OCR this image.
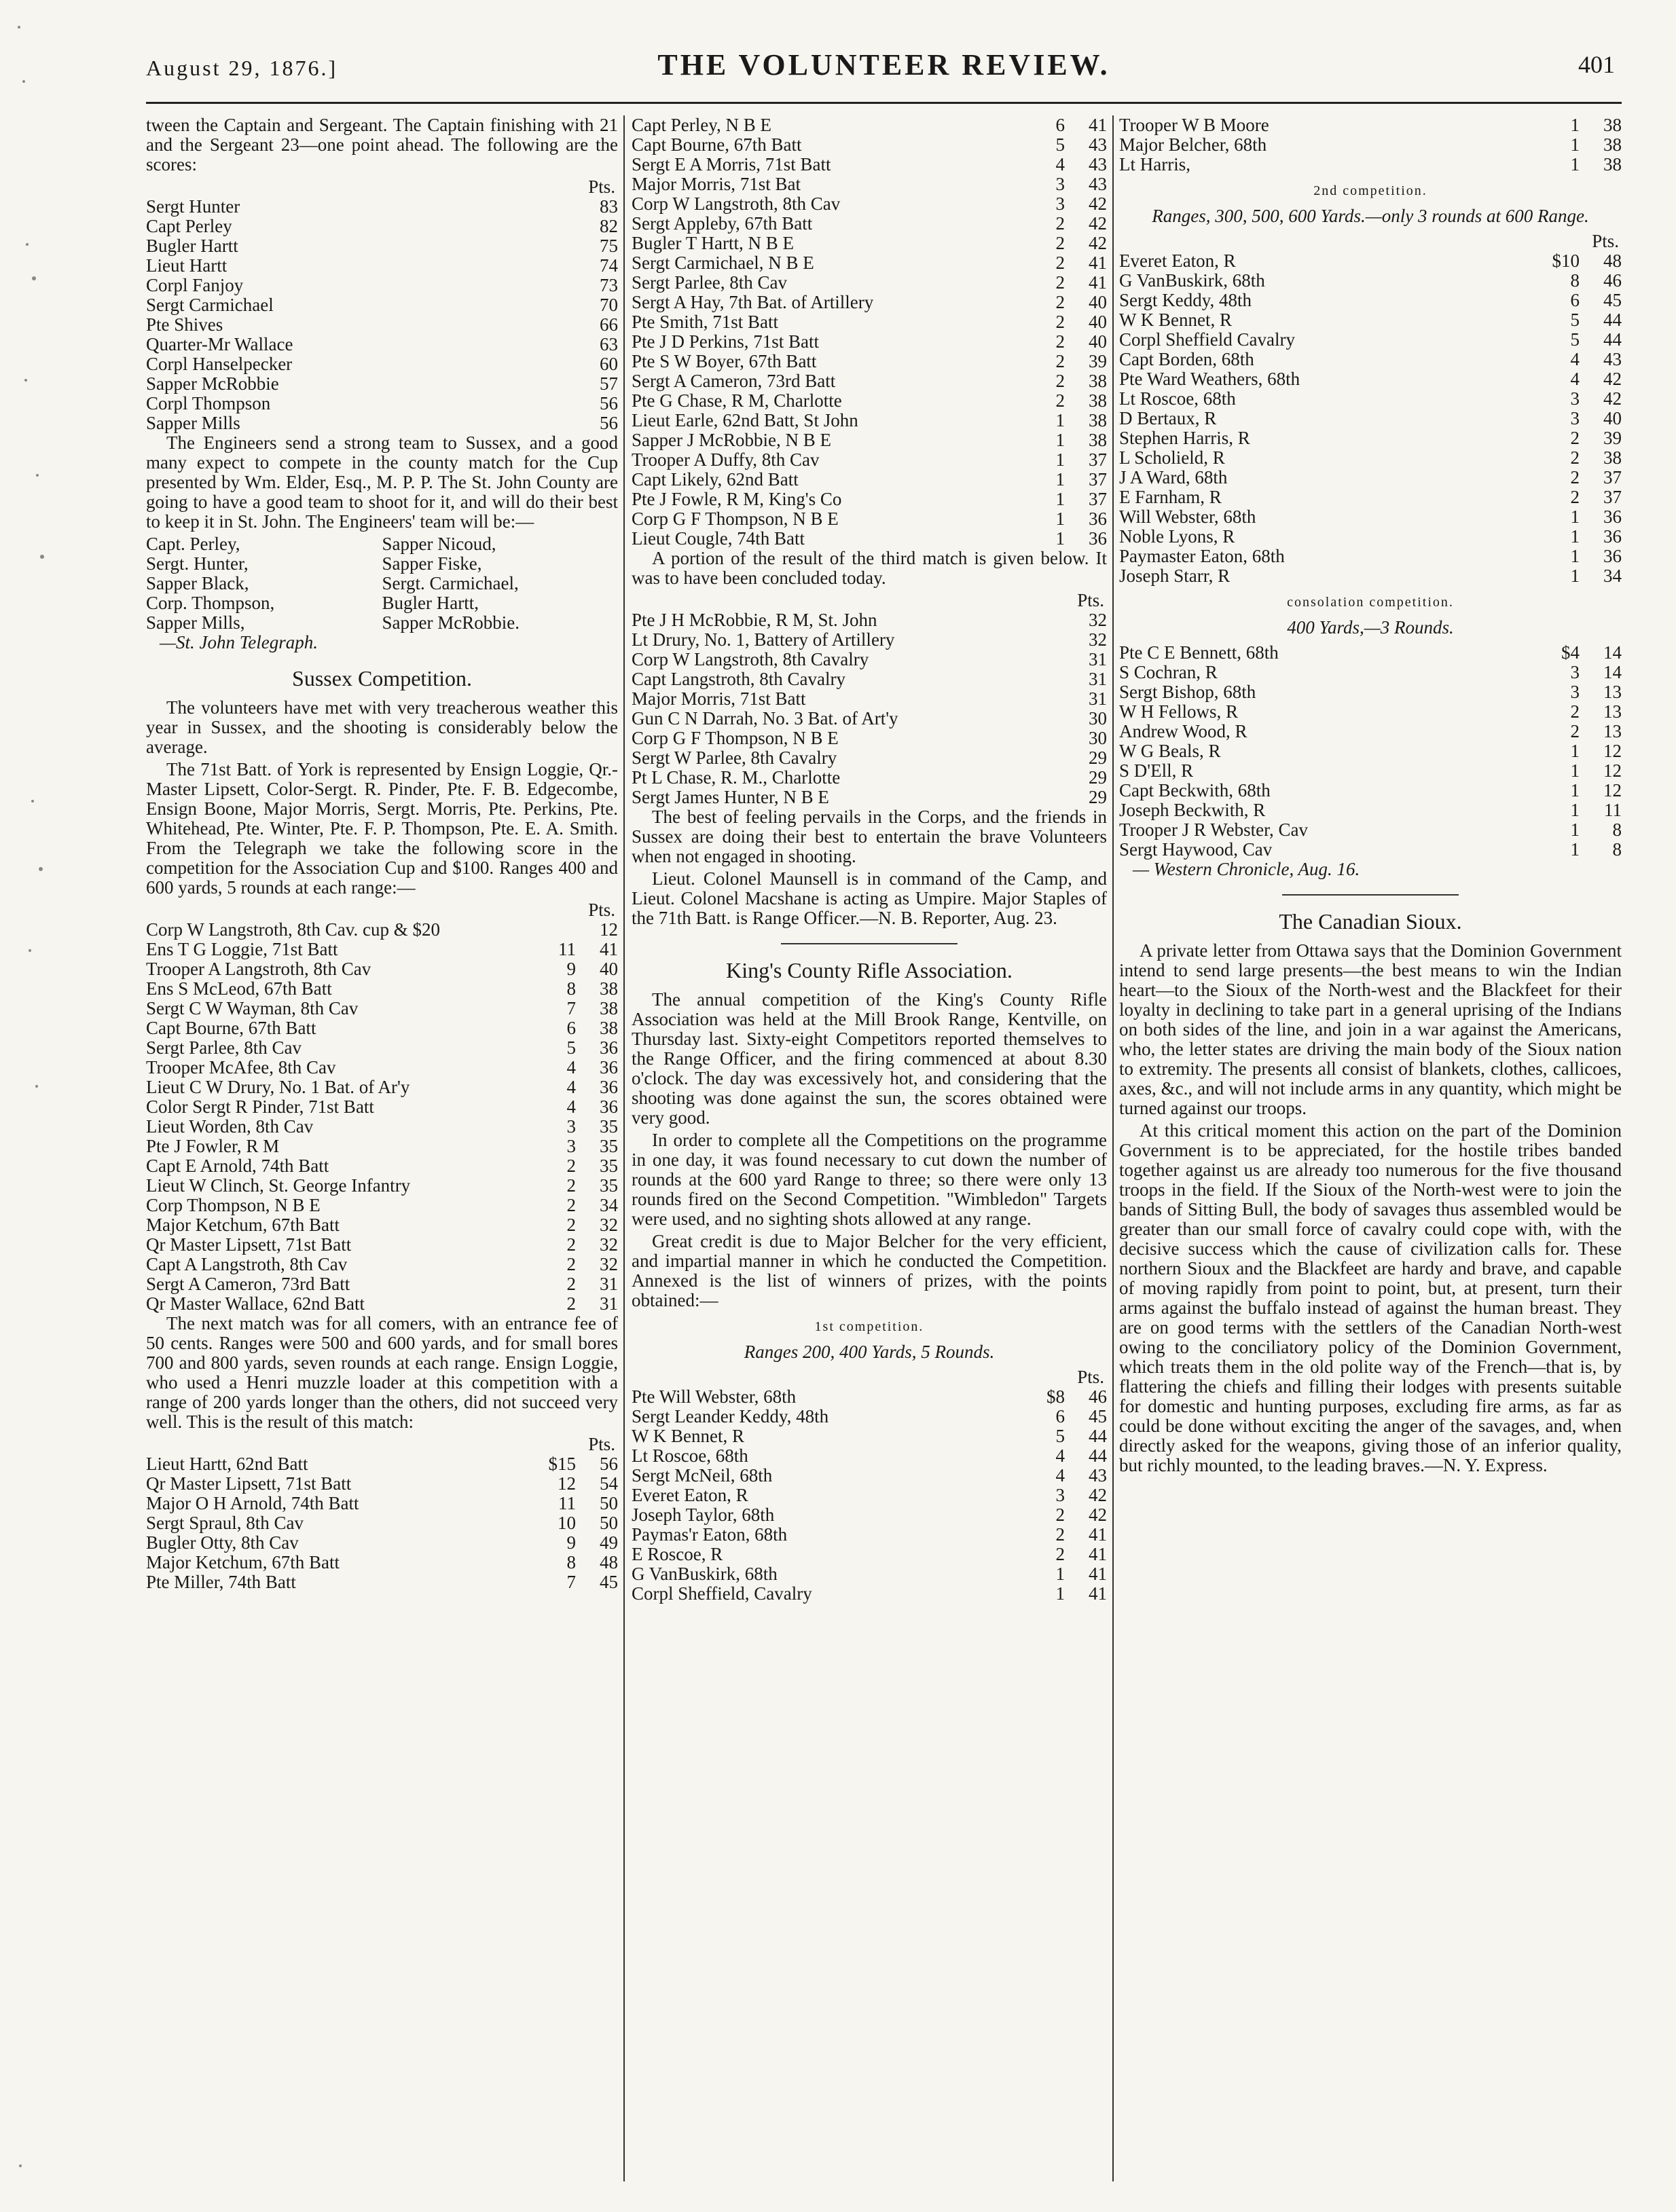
August 29, 1876.]	THE VOLUNTEER REVIEW.	401

tween the Captain and Sergeant. The Captain finishing with 21 and the Sergeant 23—one point ahead. The following are the scores:

Pts.
Sergt Hunter	83
Capt Perley	82
Bugler Hartt	75
Lieut Hartt	74
Corpl Fanjoy	73
Sergt Carmichael	70
Pte Shives	66
Quarter-Mr Wallace	63
Corpl Hanselpecker	60
Sapper McRobbie	57
Corpl Thompson	56
Sapper Mills	56

The Engineers send a strong team to Sussex, and a good many expect to compete in the county match for the Cup presented by Wm. Elder, Esq., M. P. P. The St. John County are going to have a good team to shoot for it, and will do their best to keep it in St. John. The Engineers' team will be:—

Capt. Perley,	Sapper Nicoud,
Sergt. Hunter,	Sapper Fiske,
Sapper Black,	Sergt. Carmichael,
Corp. Thompson,	Bugler Hartt,
Sapper Mills,	Sapper McRobbie.
—St. John Telegraph.
Sussex Competition.

The volunteers have met with very treacherous weather this year in Sussex, and the shooting is considerably below the average.

The 71st Batt. of York is represented by Ensign Loggie, Qr.-Master Lipsett, Color-Sergt. R. Pinder, Pte. F. B. Edgecombe, Ensign Boone, Major Morris, Sergt. Morris, Pte. Perkins, Pte. Whitehead, Pte. Winter, Pte. F. P. Thompson, Pte. E. A. Smith. From the Telegraph we take the following score in the competition for the Association Cup and $100. Ranges 400 and 600 yards, 5 rounds at each range:—

Pts.
Corp W Langstroth, 8th Cav. cup & $20	12
Ens T G Loggie, 71st Batt	11	41
Trooper A Langstroth, 8th Cav	9	40
Ens S McLeod, 67th Batt	8	38
Sergt C W Wayman, 8th Cav	7	38
Capt Bourne, 67th Batt	6	38
Sergt Parlee, 8th Cav	5	36
Trooper McAfee, 8th Cav	4	36
Lieut C W Drury, No. 1 Bat. of Ar'y	4	36
Color Sergt R Pinder, 71st Batt	4	36
Lieut Worden, 8th Cav	3	35
Pte J Fowler, R M	3	35
Capt E Arnold, 74th Batt	2	35
Lieut W Clinch, St. George Infantry	2	35
Corp Thompson, N B E	2	34
Major Ketchum, 67th Batt	2	32
Qr Master Lipsett, 71st Batt	2	32
Capt A Langstroth, 8th Cav	2	32
Sergt A Cameron, 73rd Batt	2	31
Qr Master Wallace, 62nd Batt	2	31

The next match was for all comers, with an entrance fee of 50 cents. Ranges were 500 and 600 yards, and for small bores 700 and 800 yards, seven rounds at each range. Ensign Loggie, who used a Henri muzzle loader at this competition with a range of 200 yards longer than the others, did not succeed very well. This is the result of this match:

Pts.
Lieut Hartt, 62nd Batt	$15	56
Qr Master Lipsett, 71st Batt	12	54
Major O H Arnold, 74th Batt	11	50
Sergt Spraul, 8th Cav	10	50
Bugler Otty, 8th Cav	9	49
Major Ketchum, 67th Batt	8	48
Pte Miller, 74th Batt	7	45
Capt Perley, N B E	6	41
Capt Bourne, 67th Batt	5	43
Sergt E A Morris, 71st Batt	4	43
Major Morris, 71st Bat	3	43
Corp W Langstroth, 8th Cav	3	42
Sergt Appleby, 67th Batt	2	42
Bugler T Hartt, N B E	2	42
Sergt Carmichael, N B E	2	41
Sergt Parlee, 8th Cav	2	41
Sergt A Hay, 7th Bat. of Artillery	2	40
Pte Smith, 71st Batt	2	40
Pte J D Perkins, 71st Batt	2	40
Pte S W Boyer, 67th Batt	2	39
Sergt A Cameron, 73rd Batt	2	38
Pte G Chase, R M, Charlotte	2	38
Lieut Earle, 62nd Batt, St John	1	38
Sapper J McRobbie, N B E	1	38
Trooper A Duffy, 8th Cav	1	37
Capt Likely, 62nd Batt	1	37
Pte J Fowle, R M, King's Co	1	37
Corp G F Thompson, N B E	1	36
Lieut Cougle, 74th Batt	1	36

A portion of the result of the third match is given below. It was to have been concluded today.

Pts.
Pte J H McRobbie, R M, St. John	32
Lt Drury, No. 1, Battery of Artillery	32
Corp W Langstroth, 8th Cavalry	31
Capt Langstroth, 8th Cavalry	31
Major Morris, 71st Batt	31
Gun C N Darrah, No. 3 Bat. of Art'y	30
Corp G F Thompson, N B E	30
Sergt W Parlee, 8th Cavalry	29
Pt L Chase, R. M., Charlotte	29
Sergt James Hunter, N B E	29

The best of feeling pervails in the Corps, and the friends in Sussex are doing their best to entertain the brave Volunteers when not engaged in shooting.

Lieut. Colonel Maunsell is in command of the Camp, and Lieut. Colonel Macshane is acting as Umpire. Major Staples of the 71th Batt. is Range Officer.—N. B. Reporter, Aug. 23.

King's County Rifle Association.

The annual competition of the King's County Rifle Association was held at the Mill Brook Range, Kentville, on Thursday last. Sixty-eight Competitors reported themselves to the Range Officer, and the firing commenced at about 8.30 o'clock. The day was excessively hot, and considering that the shooting was done against the sun, the scores obtained were very good.

In order to complete all the Competitions on the programme in one day, it was found necessary to cut down the number of rounds at the 600 yard Range to three; so there were only 13 rounds fired on the Second Competition. "Wimbledon" Targets were used, and no sighting shots allowed at any range.

Great credit is due to Major Belcher for the very efficient, and impartial manner in which he conducted the Competition. Annexed is the list of winners of prizes, with the points obtained:—

1st competition.
Ranges 200, 400 Yards, 5 Rounds.
Pts.
Pte Will Webster, 68th	$8	46
Sergt Leander Keddy, 48th	6	45
W K Bennet, R	5	44
Lt Roscoe, 68th	4	44
Sergt McNeil, 68th	4	43
Everet Eaton, R	3	42
Joseph Taylor, 68th	2	42
Paymas'r Eaton, 68th	2	41
E Roscoe, R	2	41
G VanBuskirk, 68th	1	41
Corpl Sheffield, Cavalry	1	41
Trooper W B Moore	1	38
Major Belcher, 68th	1	38
Lt Harris,	1	38
2nd competition.
Ranges, 300, 500, 600 Yards.—only 3 rounds at 600 Range.
Pts.
Everet Eaton, R	$10	48
G VanBuskirk, 68th	8	46
Sergt Keddy, 48th	6	45
W K Bennet, R	5	44
Corpl Sheffield Cavalry	5	44
Capt Borden, 68th	4	43
Pte Ward Weathers, 68th	4	42
Lt Roscoe, 68th	3	42
D Bertaux, R	3	40
Stephen Harris, R	2	39
L Scholield, R	2	38
J A Ward, 68th	2	37
E Farnham, R	2	37
Will Webster, 68th	1	36
Noble Lyons, R	1	36
Paymaster Eaton, 68th	1	36
Joseph Starr, R	1	34
consolation competition.
400 Yards,—3 Rounds.
Pte C E Bennett, 68th	$4	14
S Cochran, R	3	14
Sergt Bishop, 68th	3	13
W H Fellows, R	2	13
Andrew Wood, R	2	13
W G Beals, R	1	12
S D'Ell, R	1	12
Capt Beckwith, 68th	1	12
Joseph Beckwith, R	1	11
Trooper J R Webster, Cav	1	8
Sergt Haywood, Cav	1	8
— Western Chronicle, Aug. 16.
The Canadian Sioux.

A private letter from Ottawa says that the Dominion Government intend to send large presents—the best means to win the Indian heart—to the Sioux of the North-west and the Blackfeet for their loyalty in declining to take part in a general uprising of the Indians on both sides of the line, and join in a war against the Americans, who, the letter states are driving the main body of the Sioux nation to extremity. The presents all consist of blankets, clothes, callicoes, axes, &c., and will not include arms in any quantity, which might be turned against our troops.

At this critical moment this action on the part of the Dominion Government is to be appreciated, for the hostile tribes banded together against us are already too numerous for the five thousand troops in the field. If the Sioux of the North-west were to join the bands of Sitting Bull, the body of savages thus assembled would be greater than our small force of cavalry could cope with, with the decisive success which the cause of civilization calls for. These northern Sioux and the Blackfeet are hardy and brave, and capable of moving rapidly from point to point, but, at present, turn their arms against the buffalo instead of against the human breast. They are on good terms with the settlers of the Canadian North-west owing to the conciliatory policy of the Dominion Government, which treats them in the old polite way of the French—that is, by flattering the chiefs and filling their lodges with presents suitable for domestic and hunting purposes, excluding fire arms, as far as could be done without exciting the anger of the savages, and, when directly asked for the weapons, giving those of an inferior quality, but richly mounted, to the leading braves.—N. Y. Express.
